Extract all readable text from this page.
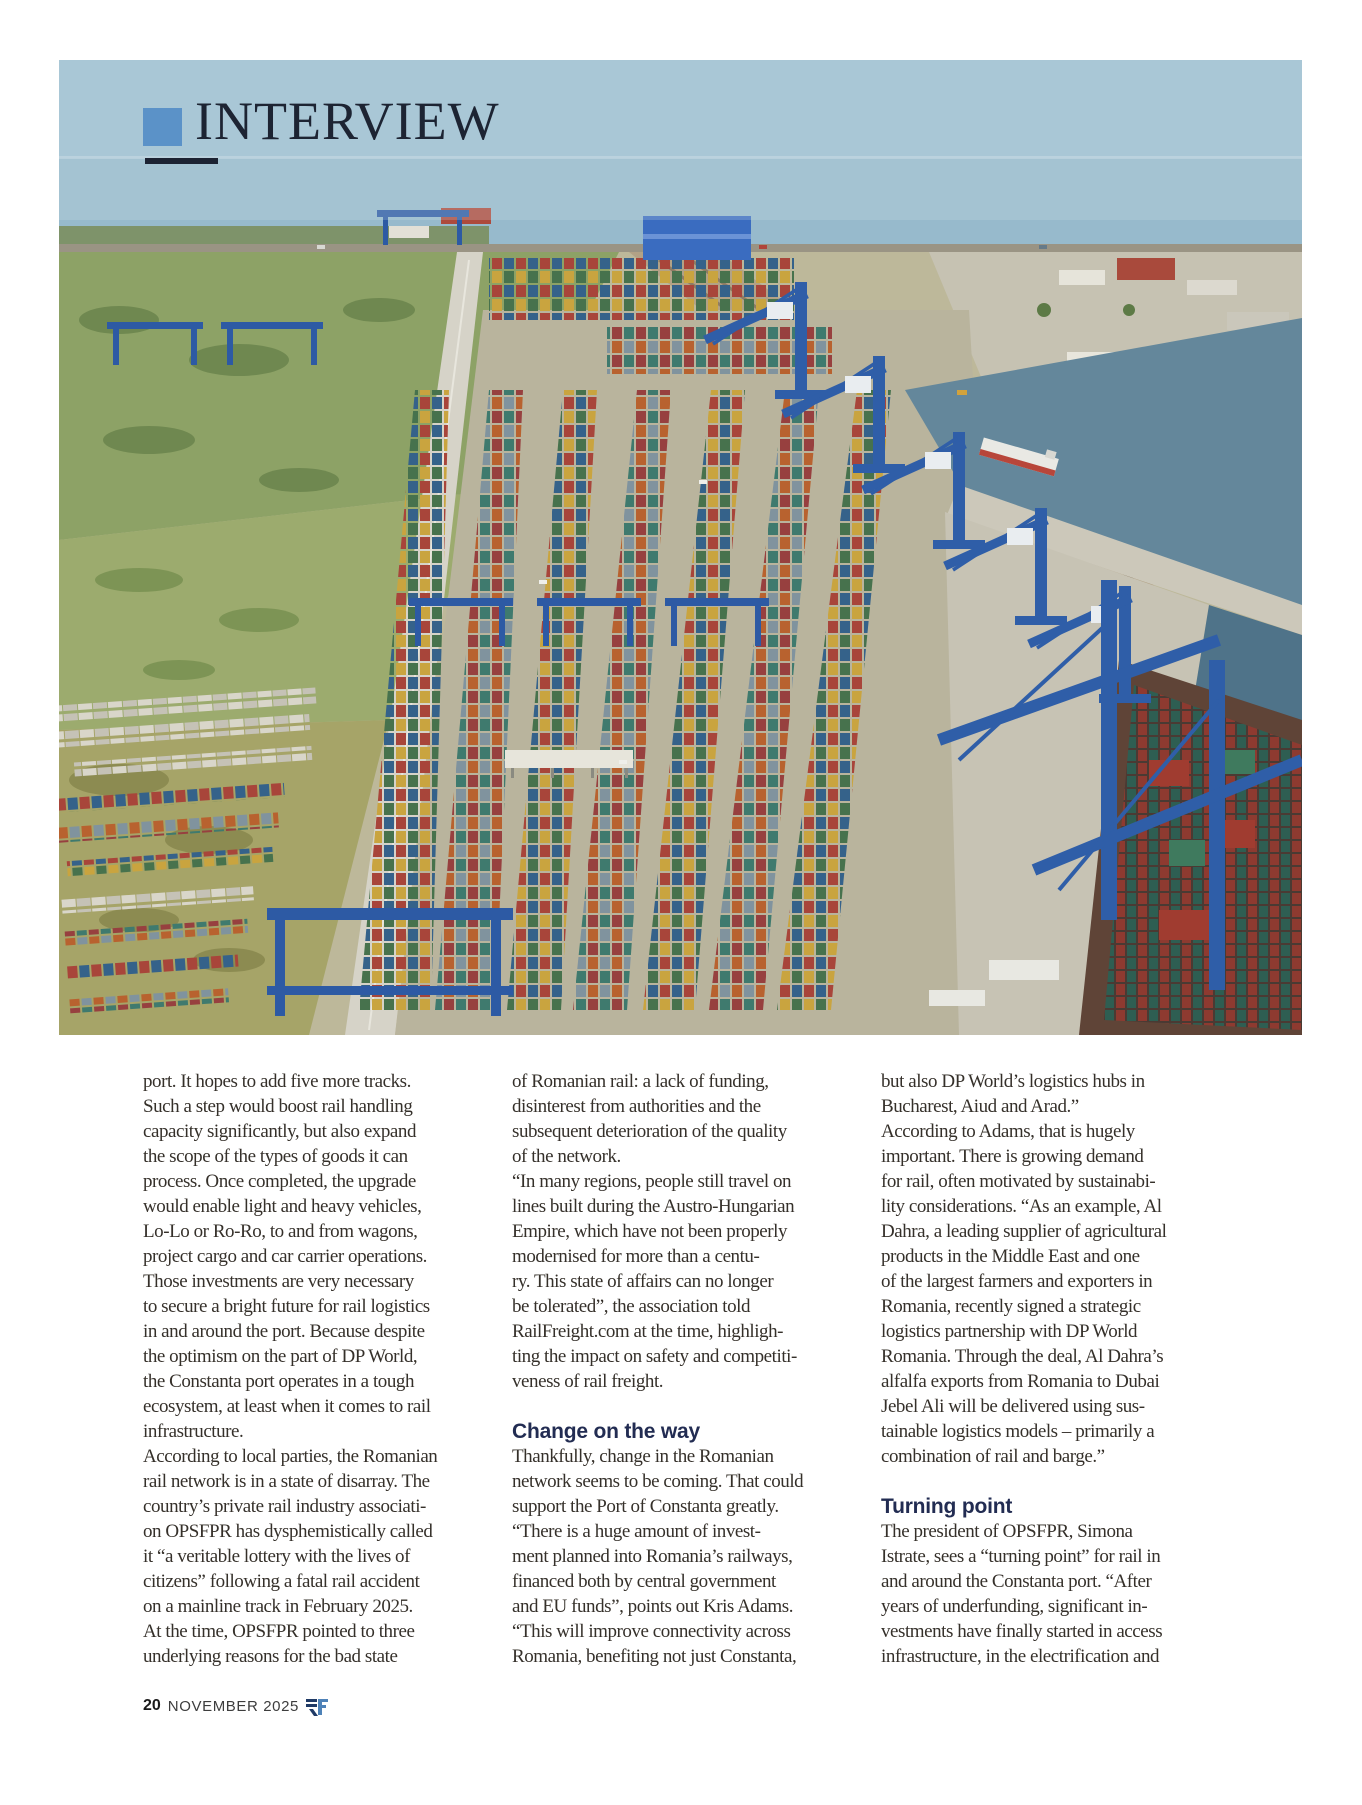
INTERVIEW
port. It hopes to add five more tracks.
Such a step would boost rail handling
capacity significantly, but also expand
the scope of the types of goods it can
process. Once completed, the upgrade
would enable light and heavy vehicles,
Lo-Lo or Ro-Ro, to and from wagons,
project cargo and car carrier operations.
Those investments are very necessary
to secure a bright future for rail logistics
in and around the port. Because despite
the optimism on the part of DP World,
the Constanta port operates in a tough
ecosystem, at least when it comes to rail
infrastructure.
According to local parties, the Romanian
rail network is in a state of disarray. The
country’s private rail industry associati-
on OPSFPR has dysphemistically called
it “a veritable lottery with the lives of
citizens” following a fatal rail accident
on a mainline track in February 2025.
At the time, OPSFPR pointed to three
underlying reasons for the bad state
of Romanian rail: a lack of funding,
disinterest from authorities and the
subsequent deterioration of the quality
of the network.
“In many regions, people still travel on
lines built during the Austro-Hungarian
Empire, which have not been properly
modernised for more than a centu-
ry. This state of affairs can no longer
be tolerated”, the association told
RailFreight.com at the time, highligh-
ting the impact on safety and competiti-
veness of rail freight.
Change on the way
Thankfully, change in the Romanian
network seems to be coming. That could
support the Port of Constanta greatly.
“There is a huge amount of invest-
ment planned into Romania’s railways,
financed both by central government
and EU funds”, points out Kris Adams.
“This will improve connectivity across
Romania, benefiting not just Constanta,
but also DP World’s logistics hubs in
Bucharest, Aiud and Arad.”
According to Adams, that is hugely
important. There is growing demand
for rail, often motivated by sustainabi-
lity considerations. “As an example, Al
Dahra, a leading supplier of agricultural
products in the Middle East and one
of the largest farmers and exporters in
Romania, recently signed a strategic
logistics partnership with DP World
Romania. Through the deal, Al Dahra’s
alfalfa exports from Romania to Dubai
Jebel Ali will be delivered using sus-
tainable logistics models – primarily a
combination of rail and barge.”
Turning point
The president of OPSFPR, Simona
Istrate, sees a “turning point” for rail in
and around the Constanta port. “After
years of underfunding, significant in-
vestments have finally started in access
infrastructure, in the electrification and
20 NOVEMBER 2025
